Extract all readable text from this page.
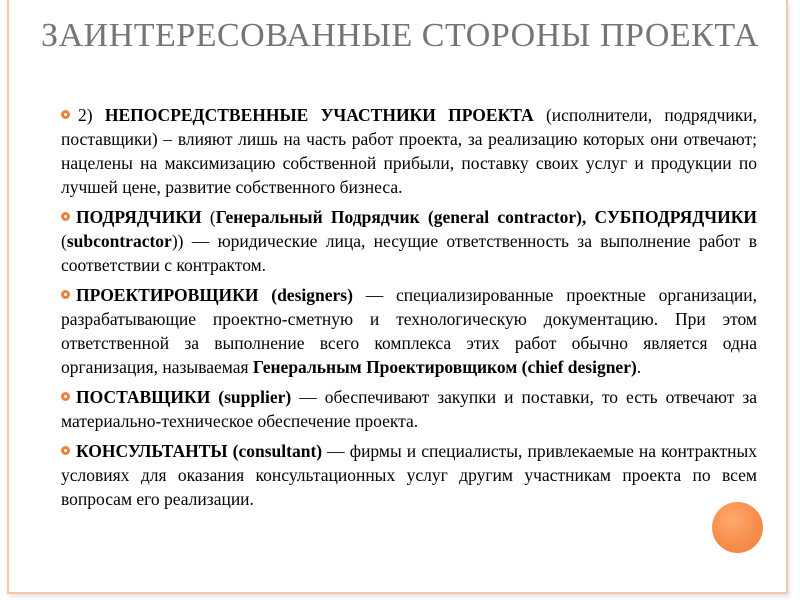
ЗАИНТЕРЕСОВАННЫЕ СТОРОНЫ ПРОЕКТА

2) НЕПОСРЕДСТВЕННЫЕ УЧАСТНИКИ ПРОЕКТА (исполнители, подрядчики, поставщики) – влияют лишь на часть работ проекта, за реализацию которых они отвечают; нацелены на максимизацию собственной прибыли, поставку своих услуг и продукции по лучшей цене, развитие собственного бизнеса.

ПОДРЯДЧИКИ (Генеральный Подрядчик (general contractor), СУБПОДРЯДЧИКИ (subcontractor)) — юридические лица, несущие ответственность за выполнение работ в соответствии с контрактом.

ПРОЕКТИРОВЩИКИ (designers) — специализированные проектные организации, разрабатывающие проектно-сметную и технологическую документацию. При этом ответственной за выполнение всего комплекса этих работ обычно является одна организация, называемая Генеральным Проектировщиком (chief designer).

ПОСТАВЩИКИ (supplier) — обеспечивают закупки и поставки, то есть отвечают за материально-техническое обеспечение проекта.

КОНСУЛЬТАНТЫ (consultant) — фирмы и специалисты, привлекаемые на контрактных условиях для оказания консультационных услуг другим участникам проекта по всем вопросам его реализации.
